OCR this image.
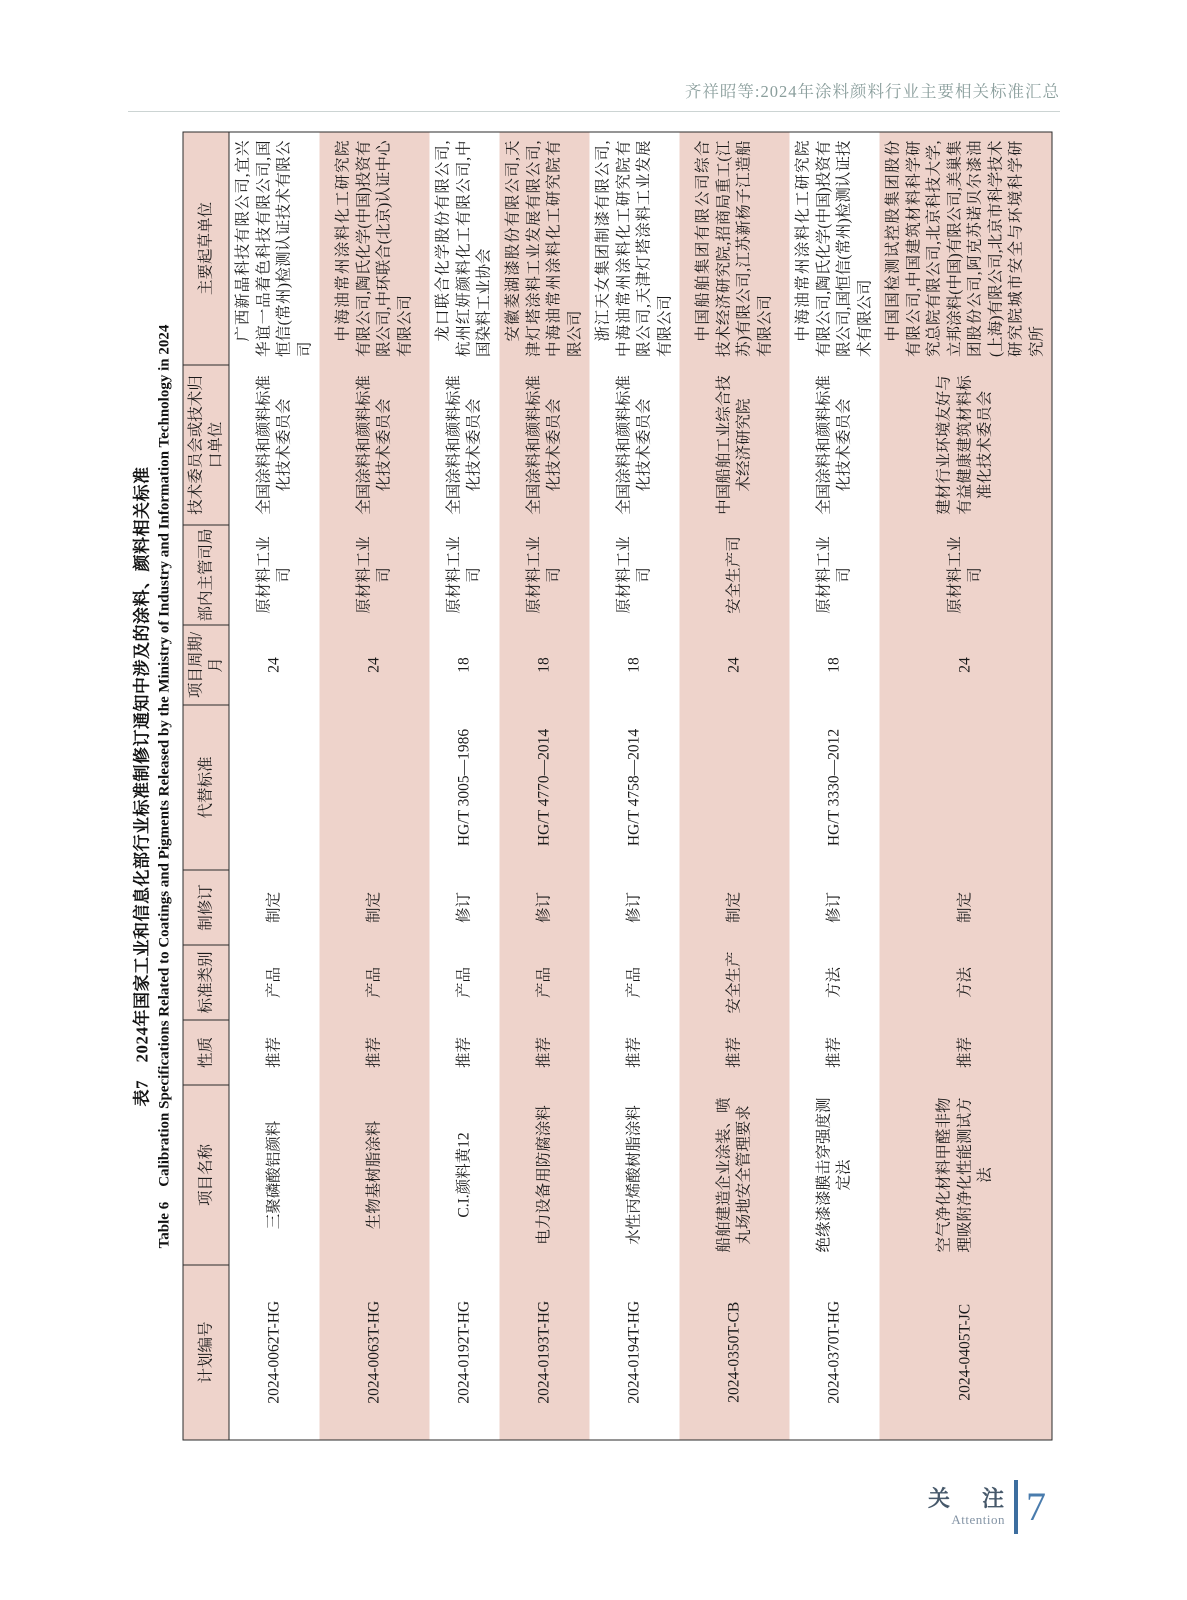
齐祥昭等:2024年涂料颜料行业主要相关标准汇总
表7　2024年国家工业和信息化部行业标准制修订通知中涉及的涂料、颜料相关标准 Table 6　Calibration Specifications Related to Coatings and Pigments Released by the Ministry of Industry and Information Technology in 2024
计划编号	项目名称	性质	标准类别	制修订	代替标准	项目周期/月	部内主管司局	技术委员会或技术归口单位	主要起草单位
2024-0062T-HG	三聚磷酸铝颜料	推荐	产品	制定		24	原材料工业司	全国涂料和颜料标准化技术委员会	广西新晶科技有限公司,宜兴华谊一品着色科技有限公司,国恒信(常州)检测认证技术有限公司
2024-0063T-HG	生物基树脂涂料	推荐	产品	制定		24	原材料工业司	全国涂料和颜料标准化技术委员会	中海油常州涂料化工研究院有限公司,陶氏化学(中国)投资有限公司,中环联合(北京)认证中心有限公司
2024-0192T-HG	C.I.颜料黄12	推荐	产品	修订	HG/T 3005—1986	18	原材料工业司	全国涂料和颜料标准化技术委员会	龙口联合化学股份有限公司,杭州红妍颜料化工有限公司,中国染料工业协会
2024-0193T-HG	电力设备用防腐涂料	推荐	产品	修订	HG/T 4770—2014	18	原材料工业司	全国涂料和颜料标准化技术委员会	安徽菱湖漆股份有限公司,天津灯塔涂料工业发展有限公司,中海油常州涂料化工研究院有限公司
2024-0194T-HG	水性丙烯酸树脂涂料	推荐	产品	修订	HG/T 4758—2014	18	原材料工业司	全国涂料和颜料标准化技术委员会	浙江天女集团制漆有限公司,中海油常州涂料化工研究院有限公司,天津灯塔涂料工业发展有限公司
2024-0350T-CB	船舶建造企业涂装、喷丸场地安全管理要求	推荐	安全生产	制定		24	安全生产司	中国船舶工业综合技术经济研究院	中国船舶集团有限公司综合技术经济研究院,招商局重工(江苏)有限公司,江苏新杨子江造船有限公司
2024-0370T-HG	绝缘漆漆膜击穿强度测定法	推荐	方法	修订	HG/T 3330—2012	18	原材料工业司	全国涂料和颜料标准化技术委员会	中海油常州涂料化工研究院有限公司,陶氏化学(中国)投资有限公司,国恒信(常州)检测认证技术有限公司
2024-0405T-JC	空气净化材料甲醛非物理吸附净化性能测试方法	推荐	方法	制定		24	原材料工业司	建材行业环境友好与有益健康建筑材料标准化技术委员会	中国国检测试控股集团股份有限公司,中国建筑材料科学研究总院有限公司,北京科技大学,立邦涂料(中国)有限公司,美巢集团股份公司,阿克苏诺贝尔漆油(上海)有限公司,北京市科学技术研究院城市安全与环境科学研究所
关　注
Attention 7
